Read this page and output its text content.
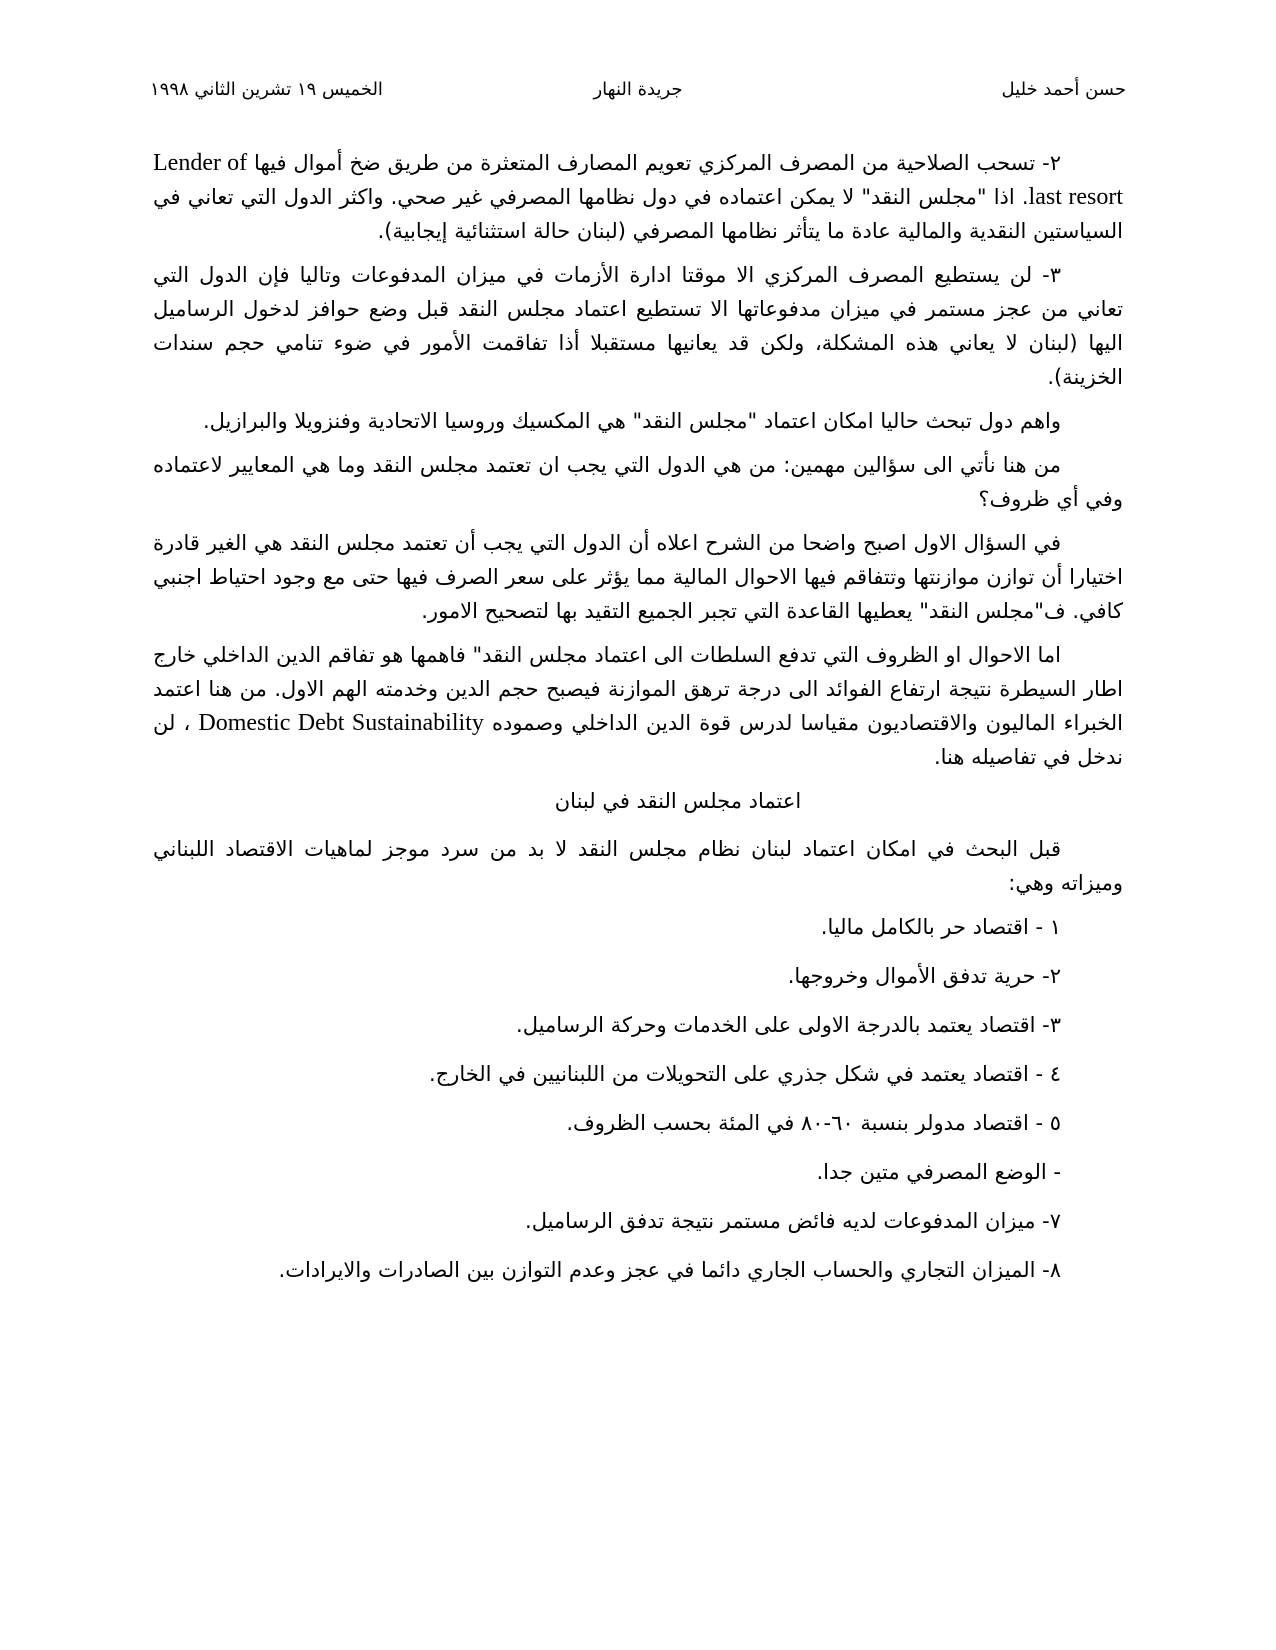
حسن أحمد خليل
جريدة النهار
الخميس ١٩ تشرين الثاني ١٩٩٨

٢- تسحب الصلاحية من المصرف المركزي تعويم المصارف المتعثرة من طريق ضخ أموال فيها Lender of last resort. اذا "مجلس النقد" لا يمكن اعتماده في دول نظامها المصرفي غير صحي. واكثر الدول التي تعاني في السياستين النقدية والمالية عادة ما يتأثر نظامها المصرفي (لبنان حالة استثنائية إيجابية).

٣- لن يستطيع المصرف المركزي الا موقتا ادارة الأزمات في ميزان المدفوعات وتاليا فإن الدول التي تعاني من عجز مستمر في ميزان مدفوعاتها الا تستطيع اعتماد مجلس النقد قبل وضع حوافز لدخول الرساميل اليها (لبنان لا يعاني هذه المشكلة، ولكن قد يعانيها مستقبلا أذا تفاقمت الأمور في ضوء تنامي حجم سندات الخزينة).

واهم دول تبحث حاليا امكان اعتماد "مجلس النقد" هي المكسيك وروسيا الاتحادية وفنزويلا والبرازيل.

من هنا نأتي الى سؤالين مهمين: من هي الدول التي يجب ان تعتمد مجلس النقد وما هي المعايير لاعتماده وفي أي ظروف؟

في السؤال الاول اصبح واضحا من الشرح اعلاه أن الدول التي يجب أن تعتمد مجلس النقد هي الغير قادرة اختيارا أن توازن موازنتها وتتفاقم فيها الاحوال المالية مما يؤثر على سعر الصرف فيها حتى مع وجود احتياط اجنبي كافي. ف"مجلس النقد" يعطيها القاعدة التي تجبر الجميع التقيد بها لتصحيح الامور.

اما الاحوال او الظروف التي تدفع السلطات الى اعتماد مجلس النقد" فاهمها هو تفاقم الدين الداخلي خارج اطار السيطرة نتيجة ارتفاع الفوائد الى درجة ترهق الموازنة فيصبح حجم الدين وخدمته الهم الاول. من هنا اعتمد الخبراء الماليون والاقتصاديون مقياسا لدرس قوة الدين الداخلي وصموده Domestic Debt Sustainability ، لن ندخل في تفاصيله هنا.

اعتماد مجلس النقد في لبنان

قبل البحث في امكان اعتماد لبنان نظام مجلس النقد لا بد من سرد موجز لماهيات الاقتصاد اللبناني وميزاته وهي:

١ - اقتصاد حر بالكامل ماليا.
٢- حرية تدفق الأموال وخروجها.
٣- اقتصاد يعتمد بالدرجة الاولى على الخدمات وحركة الرساميل.
٤ - اقتصاد يعتمد في شكل جذري على التحويلات من اللبنانيين في الخارج.
٥ - اقتصاد مدولر بنسبة ٦٠-٨٠ في المئة بحسب الظروف.
- الوضع المصرفي متين جدا.
٧- ميزان المدفوعات لديه فائض مستمر نتيجة تدفق الرساميل.
٨- الميزان التجاري والحساب الجاري دائما في عجز وعدم التوازن بين الصادرات والايرادات.
